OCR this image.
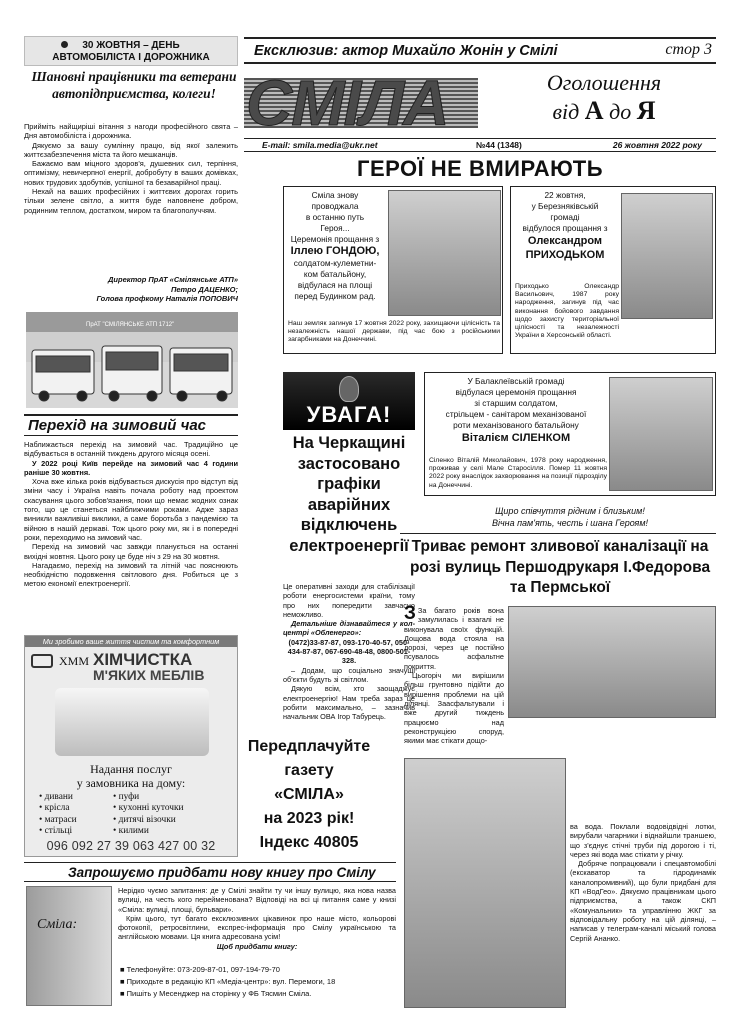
30 ЖОВТНЯ – ДЕНЬ
АВТОМОБІЛІСТА І ДОРОЖНИКА	Ексклюзив: актор Михайло Жонін у Смілі	стор 3
СМІЛА	Оголошення
від А до Я
E-mail: smila.media@ukr.net	№44 (1348)	26 жовтня 2022 року
Шановні працівники та ветерани автопідприємства, колеги!

Прийміть найщиріші вітання з нагоди професійного свята – Дня автомобіліста і дорожника.

Дякуємо за вашу сумлінну працю, від якої залежить життєзабезпечення міста та його мешканців.

Бажаємо вам міцного здоров'я, душевних сил, терпіння, оптимізму, невичерпної енергії, добробуту в ваших домівках, нових трудових здобутків, успішної та безаварійної праці.

Нехай на ваших професійних і життєвих дорогах горить тільки зелене світло, а життя буде наповнене добром, родинним теплом, достатком, миром та благополуччям.

Директор ПрАТ «Смілянське АТП»
Петро ДАЦЕНКО;
Голова профкому Наталія ПОПОВИЧ
ПрАТ "СМІЛЯНСЬКЕ АТП 1712"
Перехід на зимовий час

Наближається перехід на зимовий час. Традиційно це відбувається в останній тиждень другого місяця осені.

У 2022 році Київ перейде на зимовий час 4 години раніше 30 жовтня.

Хоча вже кілька років відбувається дискусія про відступ від зміни часу і Україна навіть почала роботу над проектом скасування цього зобов'язання, поки що немає жодних ознак того, що це станеться найближчими роками. Адже зараз виникли важливіші виклики, а саме боротьба з пандемією та війною в нашій державі. Тож цього року ми, як і в попередні роки, переходимо на зимовий час.

Перехід на зимовий час завжди планується на останні вихідні жовтня. Цього року це буде ніч з 29 на 30 жовтня.

Нагадаємо, перехід на зимовий та літній час пояснюють необхідністю подовження світлового дня. Робиться це з метою економії електроенергії.

Ми зробимо ваше життя чистим та комфортним
ХММ ХІМЧИСТКА
М'ЯКИХ МЕБЛІВ
Надання послуг
у замовника на дому:
• дивани
• крісла
• матраси
• стільці
• пуфи
• кухонні куточки
• дитячі візочки
• килими
096 092 27 39 063 427 00 32
ГЕРОЇ НЕ ВМИРАЮТЬ
Сміла знову
проводжала
в останню путь
Героя...
Церемонія прощання з
Іллею ГОНДОЮ,
солдатом-кулеметни-
ком батальйону,
відбулася на площі
перед Будинком рад.
Наш земляк загинув 17 жовтня 2022 року, захищаючи цілісність та незалежність нашої держави, під час бою з російськими загарбниками на Донеччині.
22 жовтня,
у Березняківській
громаді
відбулося прощання з
Олександром
ПРИХОДЬКОМ
Приходько Олександр Васильович, 1987 року народження, загинув під час виконання бойового завдання щодо захисту територіальної цілісності та незалежності України в Херсонській області.
УВАГА!
На Черкащині застосовано графіки аварійних відключень електроенергії

Це оперативні заходи для стабілізації роботи енергосистеми країни, тому про них попередити завчасно неможливо.

Детальніше дізнавайтеся у кол-центрі «Обленерго»:

(0472)33-87-87, 093-170-40-57, 050-434-87-87, 067-690-48-48, 0800-501-328.

– Додам, що соціально значущі об'єкти будуть зі світлом.

Дякую всім, хто заощаджує електроенергію! Нам треба зараз це робити максимально, – зазначив начальник ОВА Ігор Табурець.

У Балаклеївській громаді
відбулася церемонія прощання
зі старшим солдатом,
стрільцем - санітаром механізованої
роти механізованого батальйону
Віталієм СІЛЕНКОМ
Сіленко Віталій Миколайович, 1978 року народження, проживав у селі Мале Старосілля. Помер 11 жовтня 2022 року внаслідок захворювання на позиції підрозділу на Донеччині.
Щиро співчуття рідним і близьким!
Вічна пам'ять, честь і шана Героям!
Передплачуйте
газету
«СМІЛА»
на 2023 рік!
Індекс 40805
Триває ремонт зливової каналізації на розі вулиць Першодрукаря І.Федорова та Пермської

З За багато років вона замулилась і взагалі не виконувала своїх функцій. Дощова вода стояла на дорозі, через це постійно псувалось асфальтне покриття.

Цьогоріч ми вирішили більш грунтовно підійти до вирішення проблеми на цій ділянці. Заасфальтували і вже другий тиждень працюємо над реконструкцією споруд, якими має стікати дощо-

ва вода. Поклали водовідвідні лотки, вирубали чагарники і віднайшли траншею, що з'єднує стічні труби під дорогою і ті, через які вода має стікати у річку.

Добряче попрацювали і спецавтомобілі (екскаватор та гідродинамік каналопромивний), що були придбані для КП «ВодГео». Дякуємо працівникам цього підприємства, а також СКП «Комунальник» та управлінню ЖКГ за відповідальну роботу на цій ділянці, – написав у телеграм-каналі міський голова Сергій Ананко.

Запрошуємо придбати нову книгу про Смілу
Сміла:

Нерідко чуємо запитання: де у Смілі знайти ту чи іншу вулицю, яка нова назва вулиці, на честь кого перейменована? Відповіді на всі ці питання саме у книзі «Сміла: вулиці, площі, бульвари».

Крім цього, тут багато ексклюзивних цікавинок про наше місто, кольорові фотокопії, ретросвітлини, експрес-інформація про Смілу українською та англійською мовами. Ця книга адресована усім!

Щоб придбати книгу:

■ Телефонуйте: 073-209-87-01, 097-194-79-70
■ Приходьте в редакцію КП «Медіа-центр»: вул. Перемоги, 18
■ Пишіть у Месенджер на сторінку у ФБ Тясмин Сміла.
